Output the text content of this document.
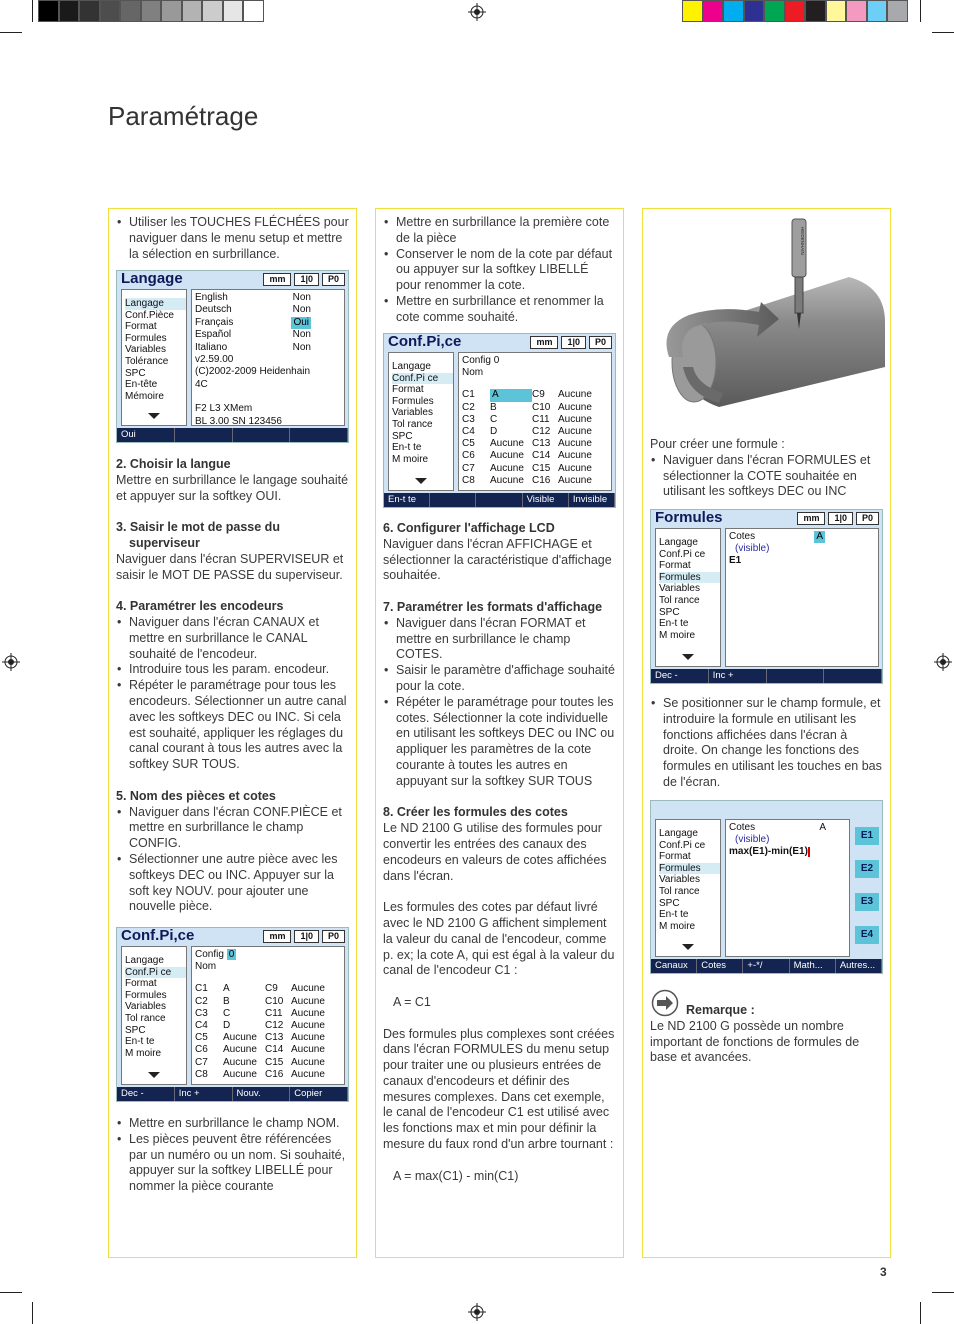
Paramétrage

• Utiliser les TOUCHES FLÉCHÉES pour naviguer dans le menu setup et mettre la sélection en surbrillance.

Langage	mm	1|0	P0
Langage
Conf.Pièce
Format
Formules
Variables
Tolérance
SPC
En-tête
Mémoire
English	Non
Deutsch	Non
Français	Oui
Español	Non
Italiano	Non
v2.59.00
(C)2002-2009 Heidenhain
4C
F2 L3 XMem
BL 3.00 SN 123456
Oui

2. Choisir la langue

Mettre en surbrillance le langage souhaité et appuyer sur la softkey OUI.

3. Saisir le mot de passe du

superviseur

Naviguer dans l'écran SUPERVISEUR et saisir le MOT DE PASSE du superviseur.

4. Paramétrer les encodeurs

• Naviguer dans l'écran CANAUX et mettre en surbrillance le CANAL souhaité de l'encodeur.

• Introduire tous les param. encodeur.

• Répéter le paramétrage pour tous les encodeurs. Sélectionner un autre canal avec les softkeys DEC ou INC. Si cela est souhaité, appliquer les réglages du canal courant à tous les autres avec la softkey SUR TOUS.

5. Nom des pièces et cotes

• Naviguer dans l'écran CONF.PIÈCE et mettre en surbrillance le champ CONFIG.

• Sélectionner une autre pièce avec les softkeys DEC ou INC. Appuyer sur la soft key NOUV. pour ajouter une nouvelle pièce.

Conf.Pi,ce	mm	1|0	P0
Langage
Conf.Pi ce
Format
Formules
Variables
Tol rance
SPC
En-t te
M moire
Config 0
Nom
C1	A	C9	Aucune
C2	B	C10 Aucune
C3	C	C11 Aucune
C4	D	C12 Aucune
C5	Aucune C13 Aucune
C6	Aucune C14 Aucune
C7	Aucune C15 Aucune
C8	Aucune C16 Aucune
Dec -	Inc +	Nouv.	Copier

• Mettre en surbrillance le champ NOM.

• Les pièces peuvent être référencées par un numéro ou un nom. Si souhaité, appuyer sur la softkey LIBELLÉ pour nommer la pièce courante

• Mettre en surbrillance la première cote de la pièce

• Conserver le nom de la cote par défaut ou appuyer sur la softkey LIBELLÉ pour renommer la cote.

• Mettre en surbrillance et renommer la cote comme souhaité.

Conf.Pi,ce	mm	1|0	P0
Langage
Conf.Pi ce
Format
Formules
Variables
Tol rance
SPC
En-t te
M moire
Config 0
Nom
C1	A	C9	Aucune
C2	B	C10 Aucune
C3	C	C11 Aucune
C4	D	C12 Aucune
C5	Aucune C13 Aucune
C6	Aucune C14 Aucune
C7	Aucune C15 Aucune
C8	Aucune C16 Aucune
En-t te	Visible	Invisible

6. Configurer l'affichage LCD

Naviguer dans l'écran AFFICHAGE et sélectionner la caractéristique d'affichage souhaitée.

7. Paramétrer les formats d'affichage

• Naviguer dans l'écran FORMAT et mettre en surbrillance le champ COTES.

• Saisir le paramètre d'affichage souhaité pour la cote.

• Répéter le paramétrage pour toutes les cotes. Sélectionner la cote individuelle en utilisant les softkeys DEC ou INC ou appliquer les paramètres de la cote courante à toutes les autres en appuyant sur la softkey SUR TOUS

8. Créer les formules des cotes

Le ND 2100 G utilise des formules pour convertir les entrées des canaux des encodeurs en valeurs de cotes affichées dans l'écran.

Les formules des cotes par défaut livré avec le ND 2100 G affichent simplement la valeur du canal de l'encodeur, comme p. ex; la cote A, qui est égal à la valeur du canal de l'encodeur C1 :

A = C1

Des formules plus complexes sont créées dans l'écran FORMULES du menu setup pour traiter une ou plusieurs entrées de canaux d'encodeurs et définir des mesures complexes. Dans cet exemple, le canal de l'encodeur C1 est utilisé avec les fonctions max et min pour définir la mesure du faux rond d'un arbre tournant :

A = max(C1) - min(C1)

HEIDENHAIN

Pour créer une formule :

• Naviguer dans l'écran FORMULES et sélectionner la COTE souhaitée en utilisant les softkeys DEC ou INC

Formules	mm	1|0	P0
Langage
Conf.Pi ce
Format
Formules
Variables
Tol rance
SPC
En-t te
M moire
Cotes	A
(visible)
E1
Dec -	Inc +

• Se positionner sur le champ formule, et introduire la formule en utilisant les fonctions affichées dans l'écran à droite. On change les fonctions des formules en utilisant les touches en bas de l'écran.

Langage
Conf.Pi ce
Format
Formules
Variables
Tol rance
SPC
En-t te
M moire
Cotes	A
(visible)
max(E1)-min(E1)
E1
E2
E3
E4
Canaux	Cotes	+-*/	Math...	Autres...

Remarque :

Le ND 2100 G possède un nombre important de fonctions de formules de base et avancées.

3
